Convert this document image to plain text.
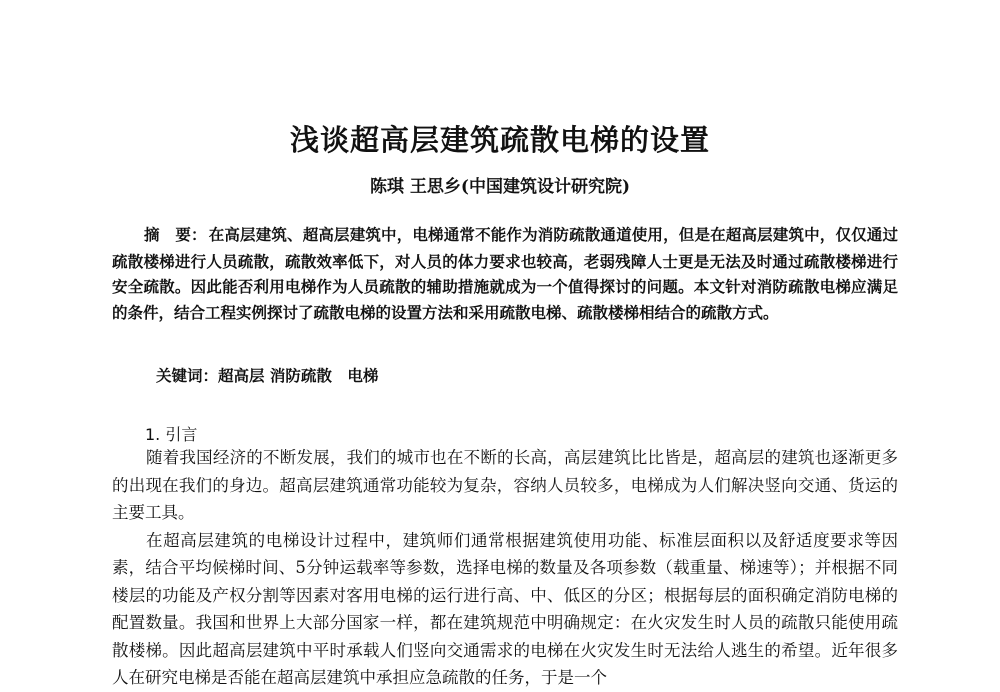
浅谈超高层建筑疏散电梯的设置
陈琪 王思乡(中国建筑设计研究院)
摘　要： 在高层建筑、超高层建筑中，电梯通常不能作为消防疏散通道使用，但是在超高层建筑中，仅仅通过疏散楼梯进行人员疏散，疏散效率低下，对人员的体力要求也较高，老弱残障人士更是无法及时通过疏散楼梯进行安全疏散。因此能否利用电梯作为人员疏散的辅助措施就成为一个值得探讨的问题。本文针对消防疏散电梯应满足的条件，结合工程实例探讨了疏散电梯的设置方法和采用疏散电梯、疏散楼梯相结合的疏散方式。
关键词：超高层 消防疏散　电梯
1. 引言

随着我国经济的不断发展，我们的城市也在不断的长高，高层建筑比比皆是，超高层的建筑也逐渐更多的出现在我们的身边。超高层建筑通常功能较为复杂，容纳人员较多，电梯成为人们解决竖向交通、货运的主要工具。

在超高层建筑的电梯设计过程中，建筑师们通常根据建筑使用功能、标准层面积以及舒适度要求等因素，结合平均候梯时间、5分钟运载率等参数，选择电梯的数量及各项参数（载重量、梯速等）；并根据不同楼层的功能及产权分割等因素对客用电梯的运行进行高、中、低区的分区；根据每层的面积确定消防电梯的配置数量。我国和世界上大部分国家一样，都在建筑规范中明确规定：在火灾发生时人员的疏散只能使用疏散楼梯。因此超高层建筑中平时承载人们竖向交通需求的电梯在火灾发生时无法给人逃生的希望。近年很多人在研究电梯是否能在超高层建筑中承担应急疏散的任务，于是一个
